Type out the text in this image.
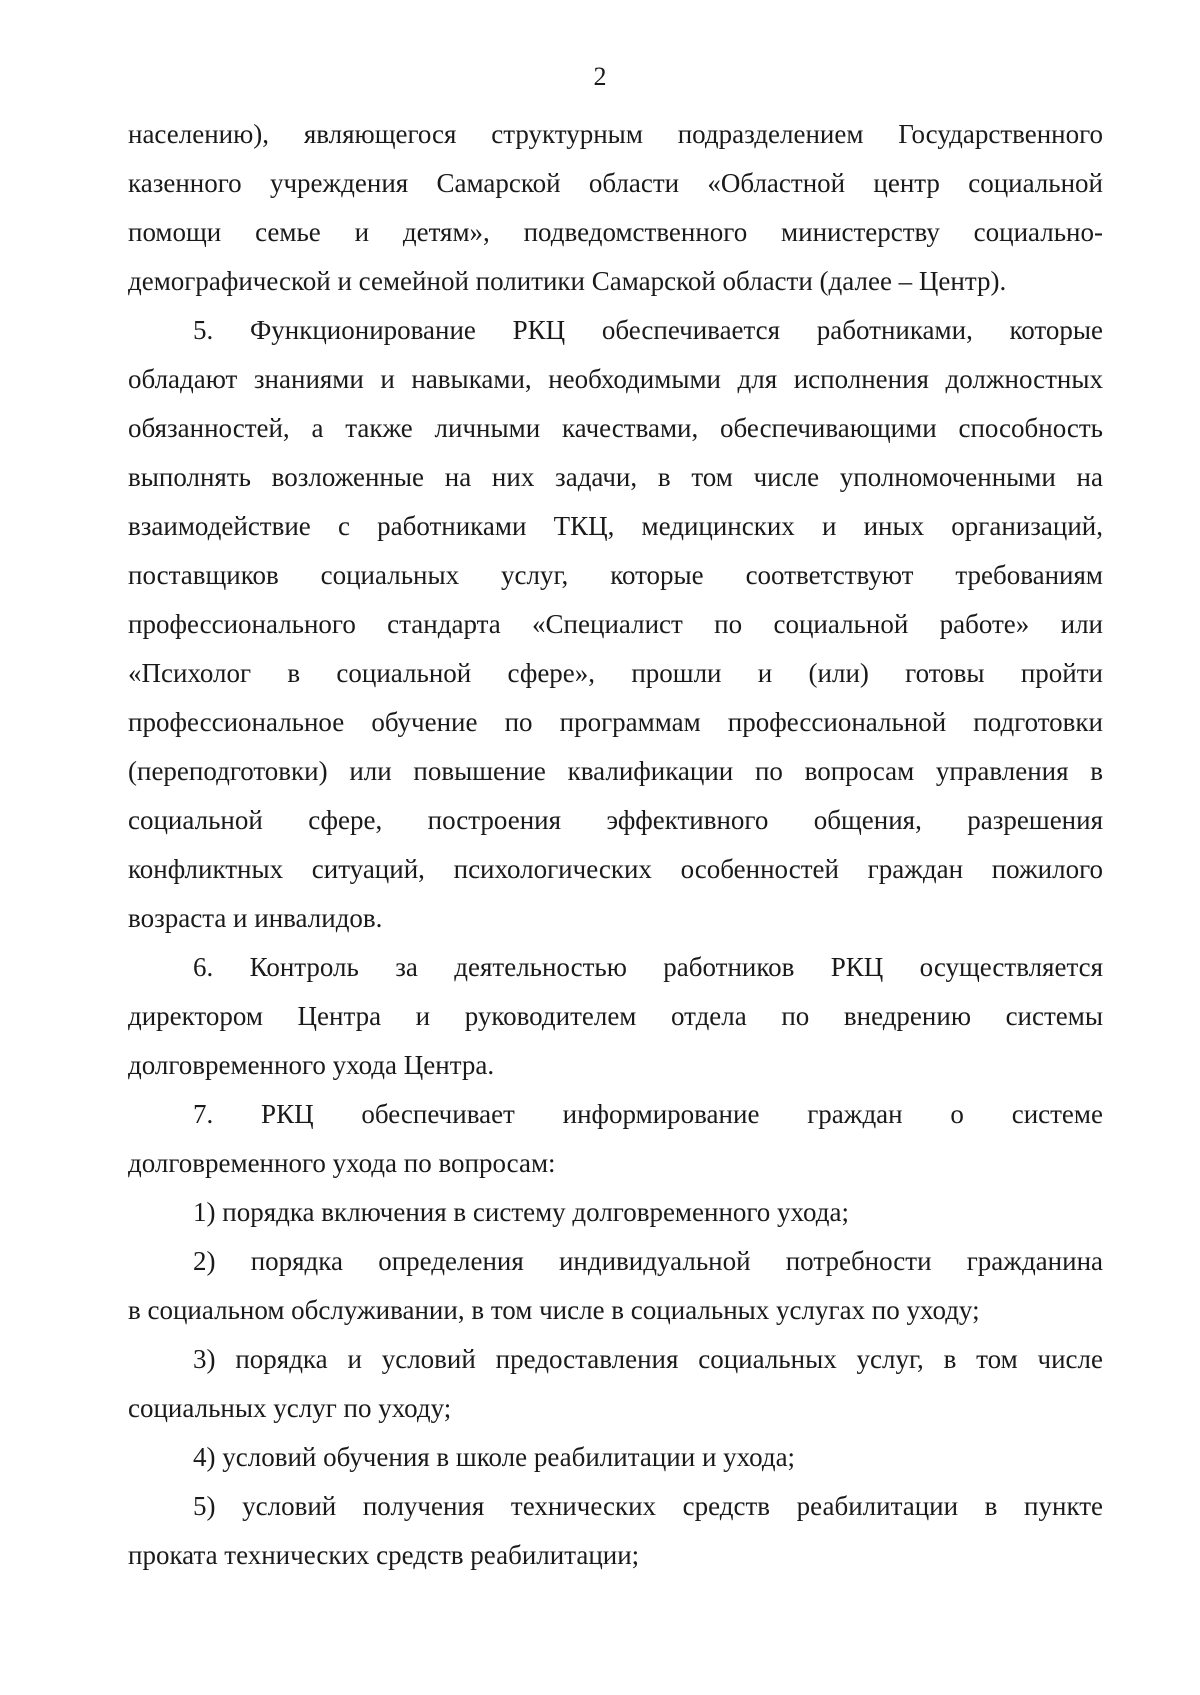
2
населению), являющегося структурным подразделением Государственного
казенного учреждения Самарской области «Областной центр социальной
помощи семье и детям», подведомственного министерству социально-
демографической и семейной политики Самарской области (далее – Центр).
5. Функционирование РКЦ обеспечивается работниками, которые
обладают знаниями и навыками, необходимыми для исполнения должностных
обязанностей, а также личными качествами, обеспечивающими способность
выполнять возложенные на них задачи, в том числе уполномоченными на
взаимодействие с работниками ТКЦ, медицинских и иных организаций,
поставщиков социальных услуг, которые соответствуют требованиям
профессионального стандарта «Специалист по социальной работе» или
«Психолог в социальной сфере», прошли и (или) готовы пройти
профессиональное обучение по программам профессиональной подготовки
(переподготовки) или повышение квалификации по вопросам управления в
социальной сфере, построения эффективного общения, разрешения
конфликтных ситуаций, психологических особенностей граждан пожилого
возраста и инвалидов.
6. Контроль за деятельностью работников РКЦ осуществляется
директором Центра и руководителем отдела по внедрению системы
долговременного ухода Центра.
7. РКЦ обеспечивает информирование граждан о системе
долговременного ухода по вопросам:
1) порядка включения в систему долговременного ухода;
2) порядка определения индивидуальной потребности гражданина
в социальном обслуживании, в том числе в социальных услугах по уходу;
3) порядка и условий предоставления социальных услуг, в том числе
социальных услуг по уходу;
4) условий обучения в школе реабилитации и ухода;
5) условий получения технических средств реабилитации в пункте
проката технических средств реабилитации;
